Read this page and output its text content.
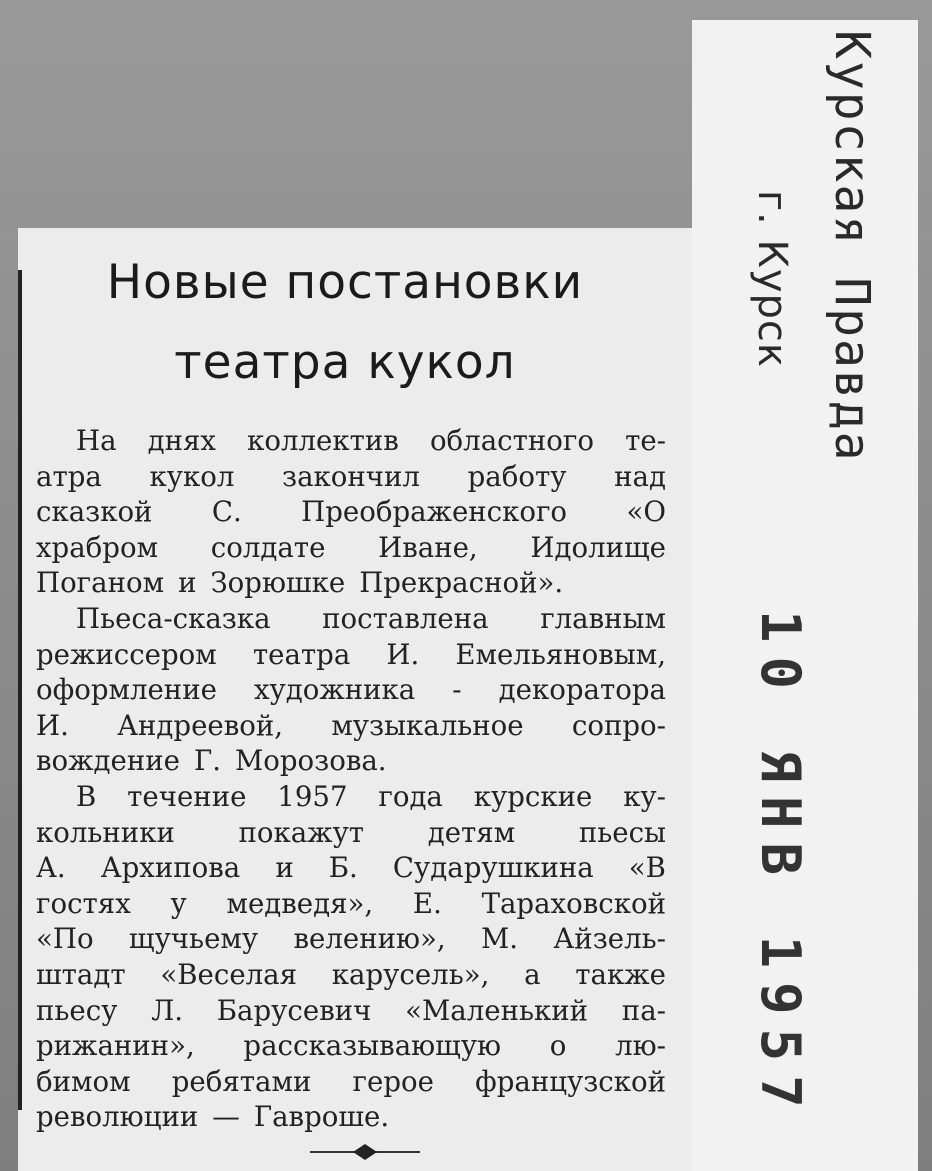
Новые постановки
театра кукол
На днях коллектив областного те-
атра кукол закончил работу над
сказкой С. Преображенского «О
храбром солдате Иване, Идолище
Поганом и Зорюшке Прекрасной».
Пьеса-сказка поставлена главным
режиссером театра И. Емельяновым,
оформление художника - декоратора
И. Андреевой, музыкальное сопро-
вождение Г. Морозова.
В течение 1957 года курские ку-
кольники покажут детям пьесы
А. Архипова и Б. Сударушкина «В
гостях у медведя», Е. Тараховской
«По щучьему велению», М. Айзель-
штадт «Веселая карусель», а также
пьесу Л. Барусевич «Маленький па-
рижанин», рассказывающую о лю-
бимом ребятами герое французской
революции — Гаврош е.
Курская Правда
г. Курск
10 ЯНВ 1957
